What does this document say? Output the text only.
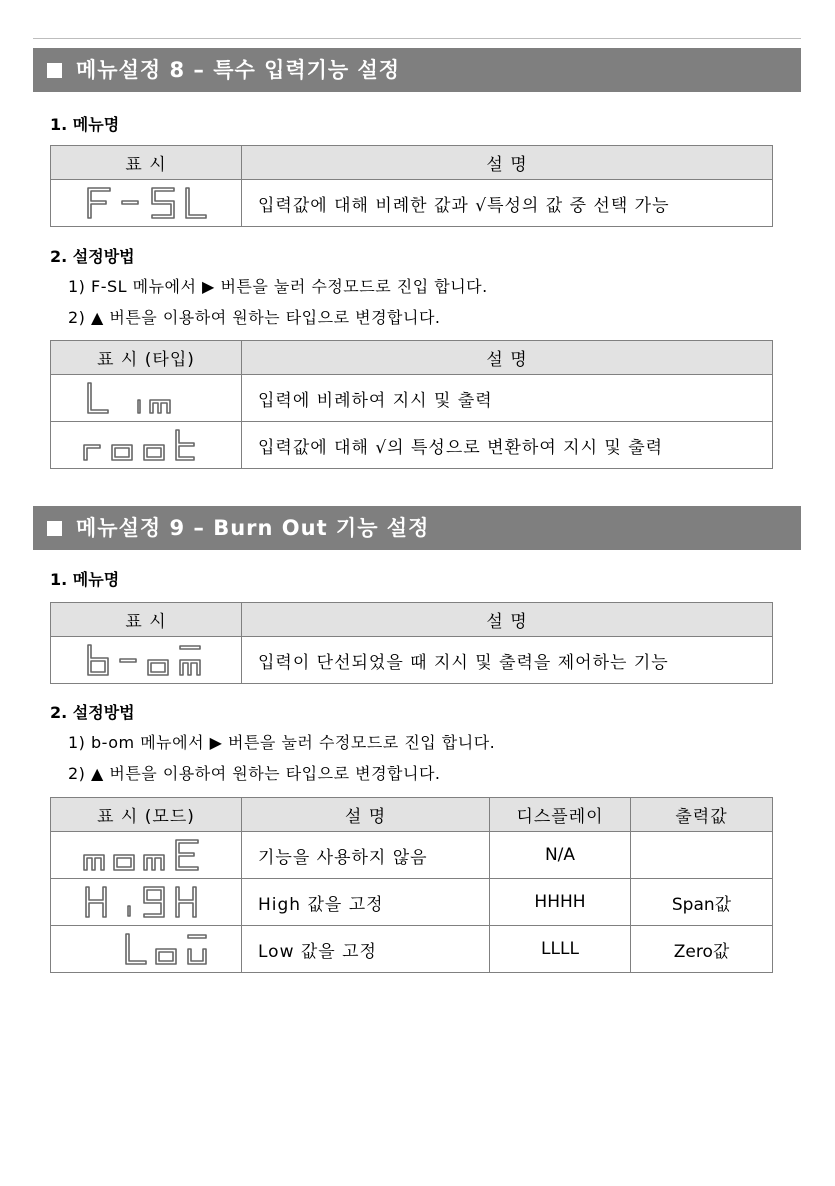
메뉴설정 8 – 특수 입력기능 설정
1. 메뉴명
표 시	설 명

	입력값에 대해 비례한 값과 √특성의 값 중 선택 가능
2. 설정방법
1) F-SL 메뉴에서 ▶ 버튼을 눌러 수정모드로 진입 합니다.
2) ▲ 버튼을 이용하여 원하는 타입으로 변경합니다.
표 시 (타입)	설 명

	입력에 비례하여 지시 및 출력

	입력값에 대해 √의 특성으로 변환하여 지시 및 출력
메뉴설정 9 – Burn Out 기능 설정
1. 메뉴명
표 시	설 명

	입력이 단선되었을 때 지시 및 출력을 제어하는 기능
2. 설정방법
1) b-om 메뉴에서 ▶ 버튼을 눌러 수정모드로 진입 합니다.
2) ▲ 버튼을 이용하여 원하는 타입으로 변경합니다.
표 시 (모드)	설 명	디스플레이	출력값

	기능을 사용하지 않음	N/A	

	High 값을 고정	HHHH	Span값

	Low 값을 고정	LLLL	Zero값
